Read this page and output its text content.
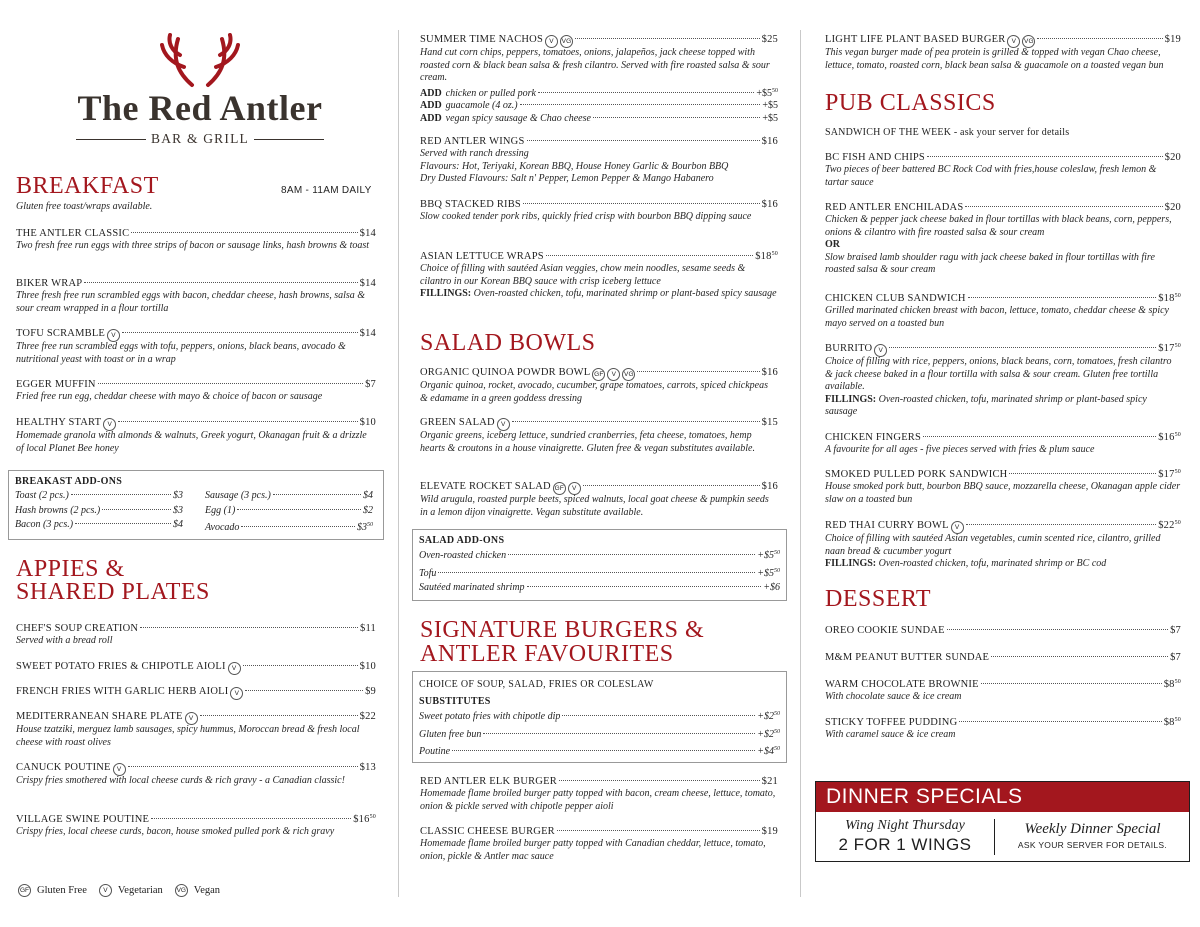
The Red Antler
BAR & GRILL
BREAKFAST	8AM - 11AM DAILY
Gluten free toast/wraps available.
THE ANTLER CLASSIC	$14
Two fresh free run eggs with three strips of bacon or sausage links, hash browns & toast
BIKER WRAP	$14
Three fresh free run scrambled eggs with bacon, cheddar cheese, hash browns, salsa & sour cream wrapped in a flour tortilla
TOFU SCRAMBLE V	$14
Three free run scrambled eggs with tofu, peppers, onions, black beans, avocado & nutritional yeast with toast or in a wrap
EGGER MUFFIN	$7
Fried free run egg, cheddar cheese with mayo & choice of bacon or sausage
HEALTHY START V	$10
Homemade granola with almonds & walnuts, Greek yogurt, Okanagan fruit & a drizzle of local Planet Bee honey
BREAKAST ADD-ONS
Toast (2 pcs.)	$3
Hash browns (2 pcs.)	$3
Bacon (3 pcs.)	$4
Sausage (3 pcs.)	$4
Egg (1)	$2
Avocado	$\$3^{50}$
APPIES &
SHARED PLATES
CHEF'S SOUP CREATION	$11
Served with a bread roll
SWEET POTATO FRIES & CHIPOTLE AIOLI V	$10
FRENCH FRIES WITH GARLIC HERB AIOLI V	$9
MEDITERRANEAN SHARE PLATE V	$22
House tzatziki, merguez lamb sausages, spicy hummus, Moroccan bread & fresh local cheese with roast olives
CANUCK POUTINE V	$13
Crispy fries smothered with local cheese curds & rich gravy - a Canadian classic!
VILLAGE SWINE POUTINE	$\$16^{50}$
Crispy fries, local cheese curds, bacon, house smoked pulled pork & rich gravy
GF Gluten Free	V Vegetarian VG Vegan
SUMMER TIME NACHOS V	VG	$25
Hand cut corn chips, peppers, tomatoes, onions, jalapeños, jack cheese topped with roasted corn & black bean salsa & fresh cilantro. Served with fire roasted salsa & sour cream.
ADD chicken or pulled pork	$+\$5^{50}$
ADD guacamole (4 oz.)	+$5
ADD vegan spicy sausage & Chao cheese	+$5
RED ANTLER WINGS	$16
Served with ranch dressing
Flavours: Hot, Teriyaki, Korean BBQ, House Honey Garlic & Bourbon BBQ
Dry Dusted Flavours: Salt n' Pepper, Lemon Pepper & Mango Habanero
BBQ STACKED RIBS	$16
Slow cooked tender pork ribs, quickly fried crisp with bourbon BBQ dipping sauce
ASIAN LETTUCE WRAPS	$\$18^{50}$
Choice of filling with sautéed Asian veggies, chow mein noodles, sesame seeds & cilantro in our Korean BBQ sauce with crisp iceberg lettuce
FILLINGS: Oven-roasted chicken, tofu, marinated shrimp or plant-based spicy sausage
SALAD BOWLS
ORGANIC QUINOA POWDR BOWL GF	V	VG	$16
Organic quinoa, rocket, avocado, cucumber, grape tomatoes, carrots, spiced chickpeas & edamame in a green goddess dressing
GREEN SALAD V	$15
Organic greens, iceberg lettuce, sundried cranberries, feta cheese, tomatoes, hemp hearts & croutons in a house vinaigrette. Gluten free & vegan substitutes available.
ELEVATE ROCKET SALAD GF	V	$16
Wild arugula, roasted purple beets, spiced walnuts, local goat cheese & pumpkin seeds in a lemon dijon vinaigrette. Vegan substitute available.
SALAD ADD-ONS
Oven-roasted chicken	$+\$5^{50}$
Tofu	$+\$5^{50}$
Sautéed marinated shrimp	+$6
SIGNATURE BURGERS &
ANTLER FAVOURITES
CHOICE OF SOUP, SALAD, FRIES OR COLESLAW
SUBSTITUTES
Sweet potato fries with chipotle dip	$+\$2^{50}$
Gluten free bun	$+\$2^{50}$
Poutine	$+\$4^{50}$
RED ANTLER ELK BURGER	$21
Homemade flame broiled burger patty topped with bacon, cream cheese, lettuce, tomato, onion & pickle served with chipotle pepper aioli
CLASSIC CHEESE BURGER	$19
Homemade flame broiled burger patty topped with Canadian cheddar, lettuce, tomato, onion, pickle & Antler mac sauce
LIGHT LIFE PLANT BASED BURGER V	VG	$19
This vegan burger made of pea protein is grilled & topped with vegan Chao cheese, lettuce, tomato, roasted corn, black bean salsa & guacamole on a toasted vegan bun
PUB CLASSICS
SANDWICH OF THE WEEK - ask your server for details
BC FISH AND CHIPS	$20
Two pieces of beer battered BC Rock Cod with fries,house coleslaw, fresh lemon & tartar sauce
RED ANTLER ENCHILADAS	$20
Chicken & pepper jack cheese baked in flour tortillas with black beans, corn, peppers, onions & cilantro with fire roasted salsa & sour cream
OR
Slow braised lamb shoulder ragu with jack cheese baked in flour tortillas with fire roasted salsa & sour cream
CHICKEN CLUB SANDWICH	$\$18^{50}$
Grilled marinated chicken breast with bacon, lettuce, tomato, cheddar cheese & spicy mayo served on a toasted bun
BURRITO V	$\$17^{50}$
Choice of filling with rice, peppers, onions, black beans, corn, tomatoes, fresh cilantro & jack cheese baked in a flour tortilla with salsa & sour cream. Gluten free tortilla available.
FILLINGS: Oven-roasted chicken, tofu, marinated shrimp or plant-based spicy sausage
CHICKEN FINGERS	$\$16^{50}$
A favourite for all ages - five pieces served with fries & plum sauce
SMOKED PULLED PORK SANDWICH	$\$17^{50}$
House smoked pork butt, bourbon BBQ sauce, mozzarella cheese, Okanagan apple cider slaw on a toasted bun
RED THAI CURRY BOWL V	$\$22^{50}$
Choice of filling with sautéed Asian vegetables, cumin scented rice, cilantro, grilled naan bread & cucumber yogurt
FILLINGS: Oven-roasted chicken, tofu, marinated shrimp or BC cod
DESSERT
OREO COOKIE SUNDAE	$7
M&M PEANUT BUTTER SUNDAE	$7
WARM CHOCOLATE BROWNIE	$\$8^{50}$
With chocolate sauce & ice cream
STICKY TOFFEE PUDDING	$\$8^{50}$
With caramel sauce & ice cream
DINNER SPECIALS
Wing Night Thursday
2 FOR 1 WINGS
Weekly Dinner Special
ASK YOUR SERVER FOR DETAILS.
